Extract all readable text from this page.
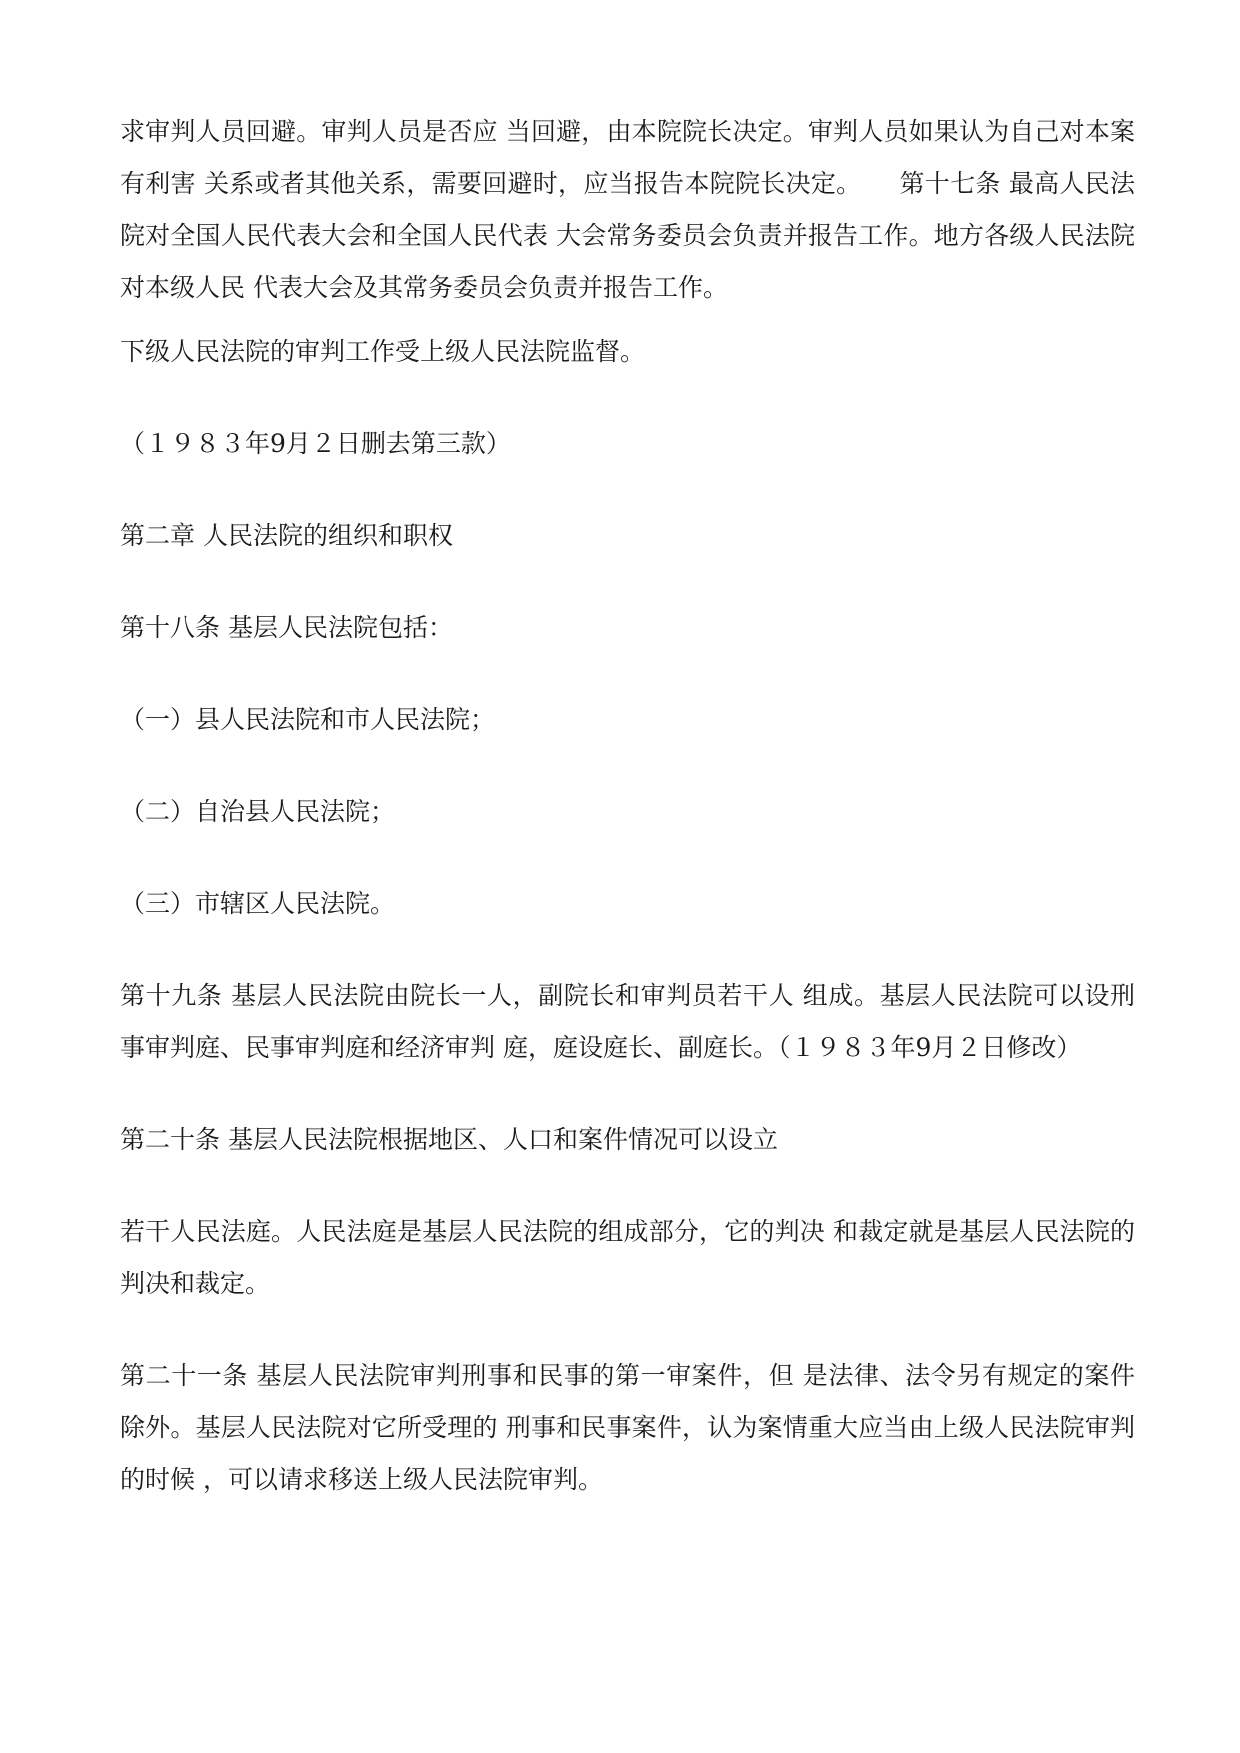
求审判人员回避。审判人员是否应 当回避，由本院院长决定。审判人员如果认为自己对本案有利害 关系或者其他关系，需要回避时，应当报告本院院长决定。　　第十七条 最高人民法院对全国人民代表大会和全国人民代表 大会常务委员会负责并报告工作。地方各级人民法院对本级人民 代表大会及其常务委员会负责并报告工作。

下级人民法院的审判工作受上级人民法院监督。

（１９８３年9月２日删去第三款）

第二章 人民法院的组织和职权

第十八条 基层人民法院包括：

（一）县人民法院和市人民法院；

（二）自治县人民法院；

（三）市辖区人民法院。

第十九条 基层人民法院由院长一人，副院长和审判员若干人 组成。基层人民法院可以设刑事审判庭、民事审判庭和经济审判 庭，庭设庭长、副庭长。（１９８３年9月２日修改）

第二十条 基层人民法院根据地区、人口和案件情况可以设立

若干人民法庭。人民法庭是基层人民法院的组成部分，它的判决 和裁定就是基层人民法院的判决和裁定。

第二十一条 基层人民法院审判刑事和民事的第一审案件，但 是法律、法令另有规定的案件除外。基层人民法院对它所受理的 刑事和民事案件，认为案情重大应当由上级人民法院审判的时候 ，可以请求移送上级人民法院审判。
